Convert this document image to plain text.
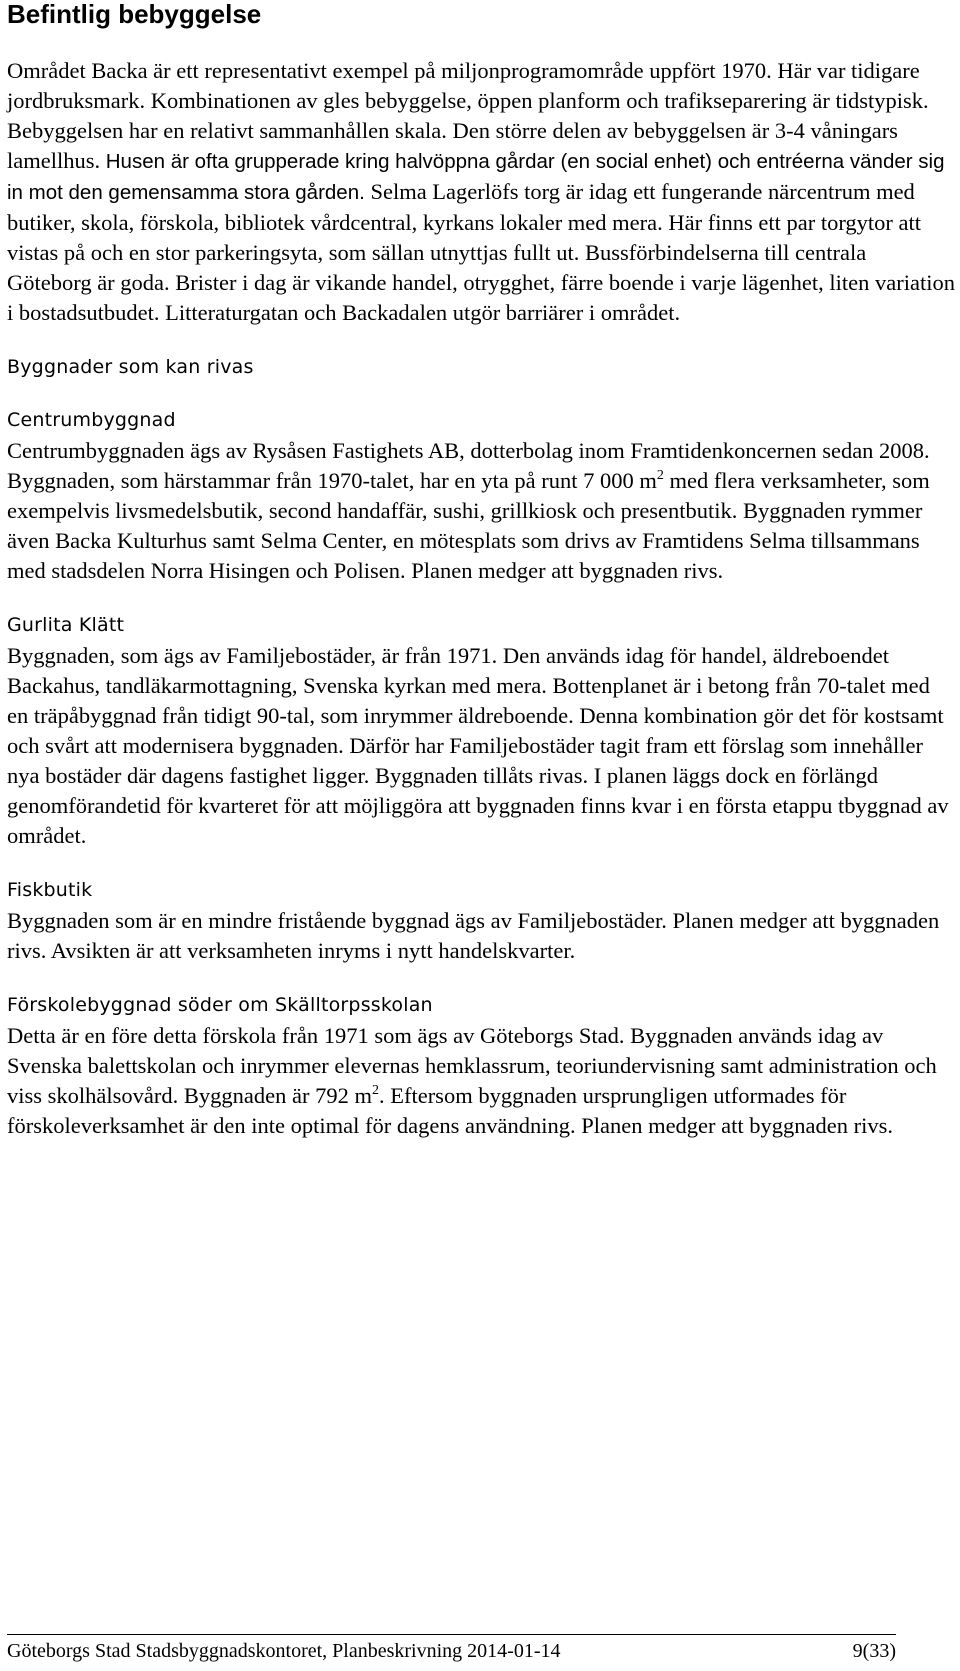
Befintlig bebyggelse

Området Backa är ett representativt exempel på miljonprogramområde uppfört 1970. Här var tidigare jordbruksmark. Kombinationen av gles bebyggelse, öppen planform och trafikseparering är tidstypisk. Bebyggelsen har en relativt sammanhållen skala. Den större delen av bebyggelsen är 3-4 våningars lamellhus. Husen är ofta grupperade kring halvöppna gårdar (en social enhet) och entréerna vänder sig in mot den gemensamma stora gården. Selma Lagerlöfs torg är idag ett fungerande närcentrum med butiker, skola, förskola, bibliotek vårdcentral, kyrkans lokaler med mera. Här finns ett par torgytor att vistas på och en stor parkeringsyta, som sällan utnyttjas fullt ut. Bussförbindelserna till centrala Göteborg är goda. Brister i dag är vikande handel, otrygghet, färre boende i varje lägenhet, liten variation i bostadsutbudet. Litteraturgatan och Backadalen utgör barriärer i området.

Byggnader som kan rivas
Centrumbyggnad

Centrumbyggnaden ägs av Rysåsen Fastighets AB, dotterbolag inom Framtidenkoncernen sedan 2008. Byggnaden, som härstammar från 1970-talet, har en yta på runt 7 000 $m^2$ med flera verksamheter, som exempelvis livsmedelsbutik, second handaffär, sushi, grillkiosk och presentbutik. Byggnaden rymmer även Backa Kulturhus samt Selma Center, en mötesplats som drivs av Framtidens Selma tillsammans med stadsdelen Norra Hisingen och Polisen. Planen medger att byggnaden rivs.

Gurlita Klätt

Byggnaden, som ägs av Familjebostäder, är från 1971. Den används idag för handel, äldreboendet Backahus, tandläkarmottagning, Svenska kyrkan med mera. Bottenplanet är i betong från 70-talet med en träpåbyggnad från tidigt 90-tal, som inrymmer äldreboende. Denna kombination gör det för kostsamt och svårt att modernisera byggnaden. Därför har Familjebostäder tagit fram ett förslag som innehåller nya bostäder där dagens fastighet ligger. Byggnaden tillåts rivas. I planen läggs dock en förlängd genomförandetid för kvarteret för att möjliggöra att byggnaden finns kvar i en första etappu tbyggnad av området.

Fiskbutik

Byggnaden som är en mindre fristående byggnad ägs av Familjebostäder. Planen medger att byggnaden rivs. Avsikten är att verksamheten inryms i nytt handelskvarter.

Förskolebyggnad söder om Skälltorpsskolan

Detta är en före detta förskola från 1971 som ägs av Göteborgs Stad. Byggnaden används idag av Svenska balettskolan och inrymmer elevernas hemklassrum, teoriundervisning samt administration och viss skolhälsovård. Byggnaden är 792 $m^2$. Eftersom byggnaden ursprungligen utformades för förskoleverksamhet är den inte optimal för dagens användning. Planen medger att byggnaden rivs.

Göteborgs Stad Stadsbyggnadskontoret, Planbeskrivning 2014-01-14	9(33)
